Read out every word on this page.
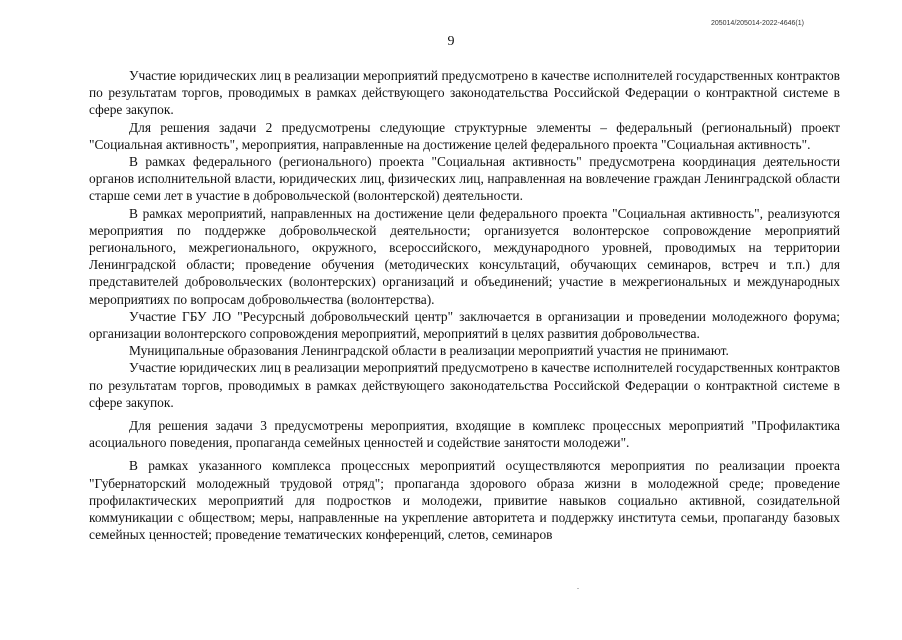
205014/205014-2022-4646(1)
9

Участие юридических лиц в реализации мероприятий предусмотрено в качестве исполнителей государственных контрактов по результатам торгов, проводимых в рамках действующего законодательства Российской Федерации о контрактной системе в сфере закупок.

Для решения задачи 2 предусмотрены следующие структурные элементы – федеральный (региональный) проект "Социальная активность", мероприятия, направленные на достижение целей федерального проекта "Социальная активность".

В рамках федерального (регионального) проекта "Социальная активность" предусмотрена координация деятельности органов исполнительной власти, юридических лиц, физических лиц, направленная на вовлечение граждан Ленинградской области старше семи лет в участие в добровольческой (волонтерской) деятельности.

В рамках мероприятий, направленных на достижение цели федерального проекта "Социальная активность", реализуются мероприятия по поддержке добровольческой деятельности; организуется волонтерское сопровождение мероприятий регионального, межрегионального, окружного, всероссийского, международного уровней, проводимых на территории Ленинградской области; проведение обучения (методических консультаций, обучающих семинаров, встреч и т.п.) для представителей добровольческих (волонтерских) организаций и объединений; участие в межрегиональных и международных мероприятиях по вопросам добровольчества (волонтерства).

Участие ГБУ ЛО "Ресурсный добровольческий центр" заключается в организации и проведении молодежного форума; организации волонтерского сопровождения мероприятий, мероприятий в целях развития добровольчества.

Муниципальные образования Ленинградской области в реализации мероприятий участия не принимают.

Участие юридических лиц в реализации мероприятий предусмотрено в качестве исполнителей государственных контрактов по результатам торгов, проводимых в рамках действующего законодательства Российской Федерации о контрактной системе в сфере закупок.

Для решения задачи 3 предусмотрены мероприятия, входящие в комплекс процессных мероприятий "Профилактика асоциального поведения, пропаганда семейных ценностей и содействие занятости молодежи".

В рамках указанного комплекса процессных мероприятий осуществляются мероприятия по реализации проекта "Губернаторский молодежный трудовой отряд"; пропаганда здорового образа жизни в молодежной среде; проведение профилактических мероприятий для подростков и молодежи, привитие навыков социально активной, созидательной коммуникации с обществом; меры, направленные на укрепление авторитета и поддержку института семьи, пропаганду базовых семейных ценностей; проведение тематических конференций, слетов, семинаров
